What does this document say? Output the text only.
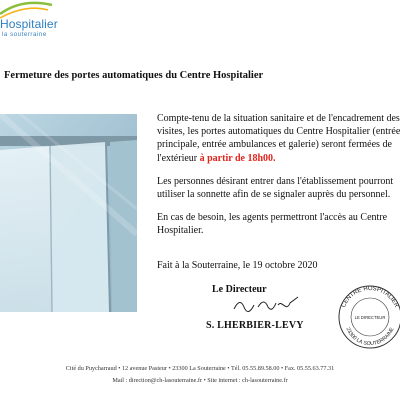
Hospitalier
la souterraine
Fermeture des portes automatiques du Centre Hospitalier

Compte-tenu de la situation sanitaire et de l'encadrement des visites, les portes automatiques du Centre Hospitalier (entrée principale, entrée ambulances et galerie) seront fermées de l'extérieur à partir de 18h00.

Les personnes désirant entrer dans l'établissement pourront utiliser la sonnette afin de se signaler auprès du personnel.

En cas de besoin, les agents permettront l'accès au Centre Hospitalier.

Fait à la Souterraine, le 19 octobre 2020
Le Directeur
S. LHERBIER-LEVY
CENTRE HOSPITALIER
LE DIRECTEUR
23300 LA SOUTERRAINE
Cité du Puycharraud • 12 avenue Pasteur • 23300 La Souterraine • Tél. 05.55.89.58.00 • Fax. 05.55.63.77.31
Mail : direction@ch-lasouterraine.fr • Site internet : ch-lasouterraine.fr
